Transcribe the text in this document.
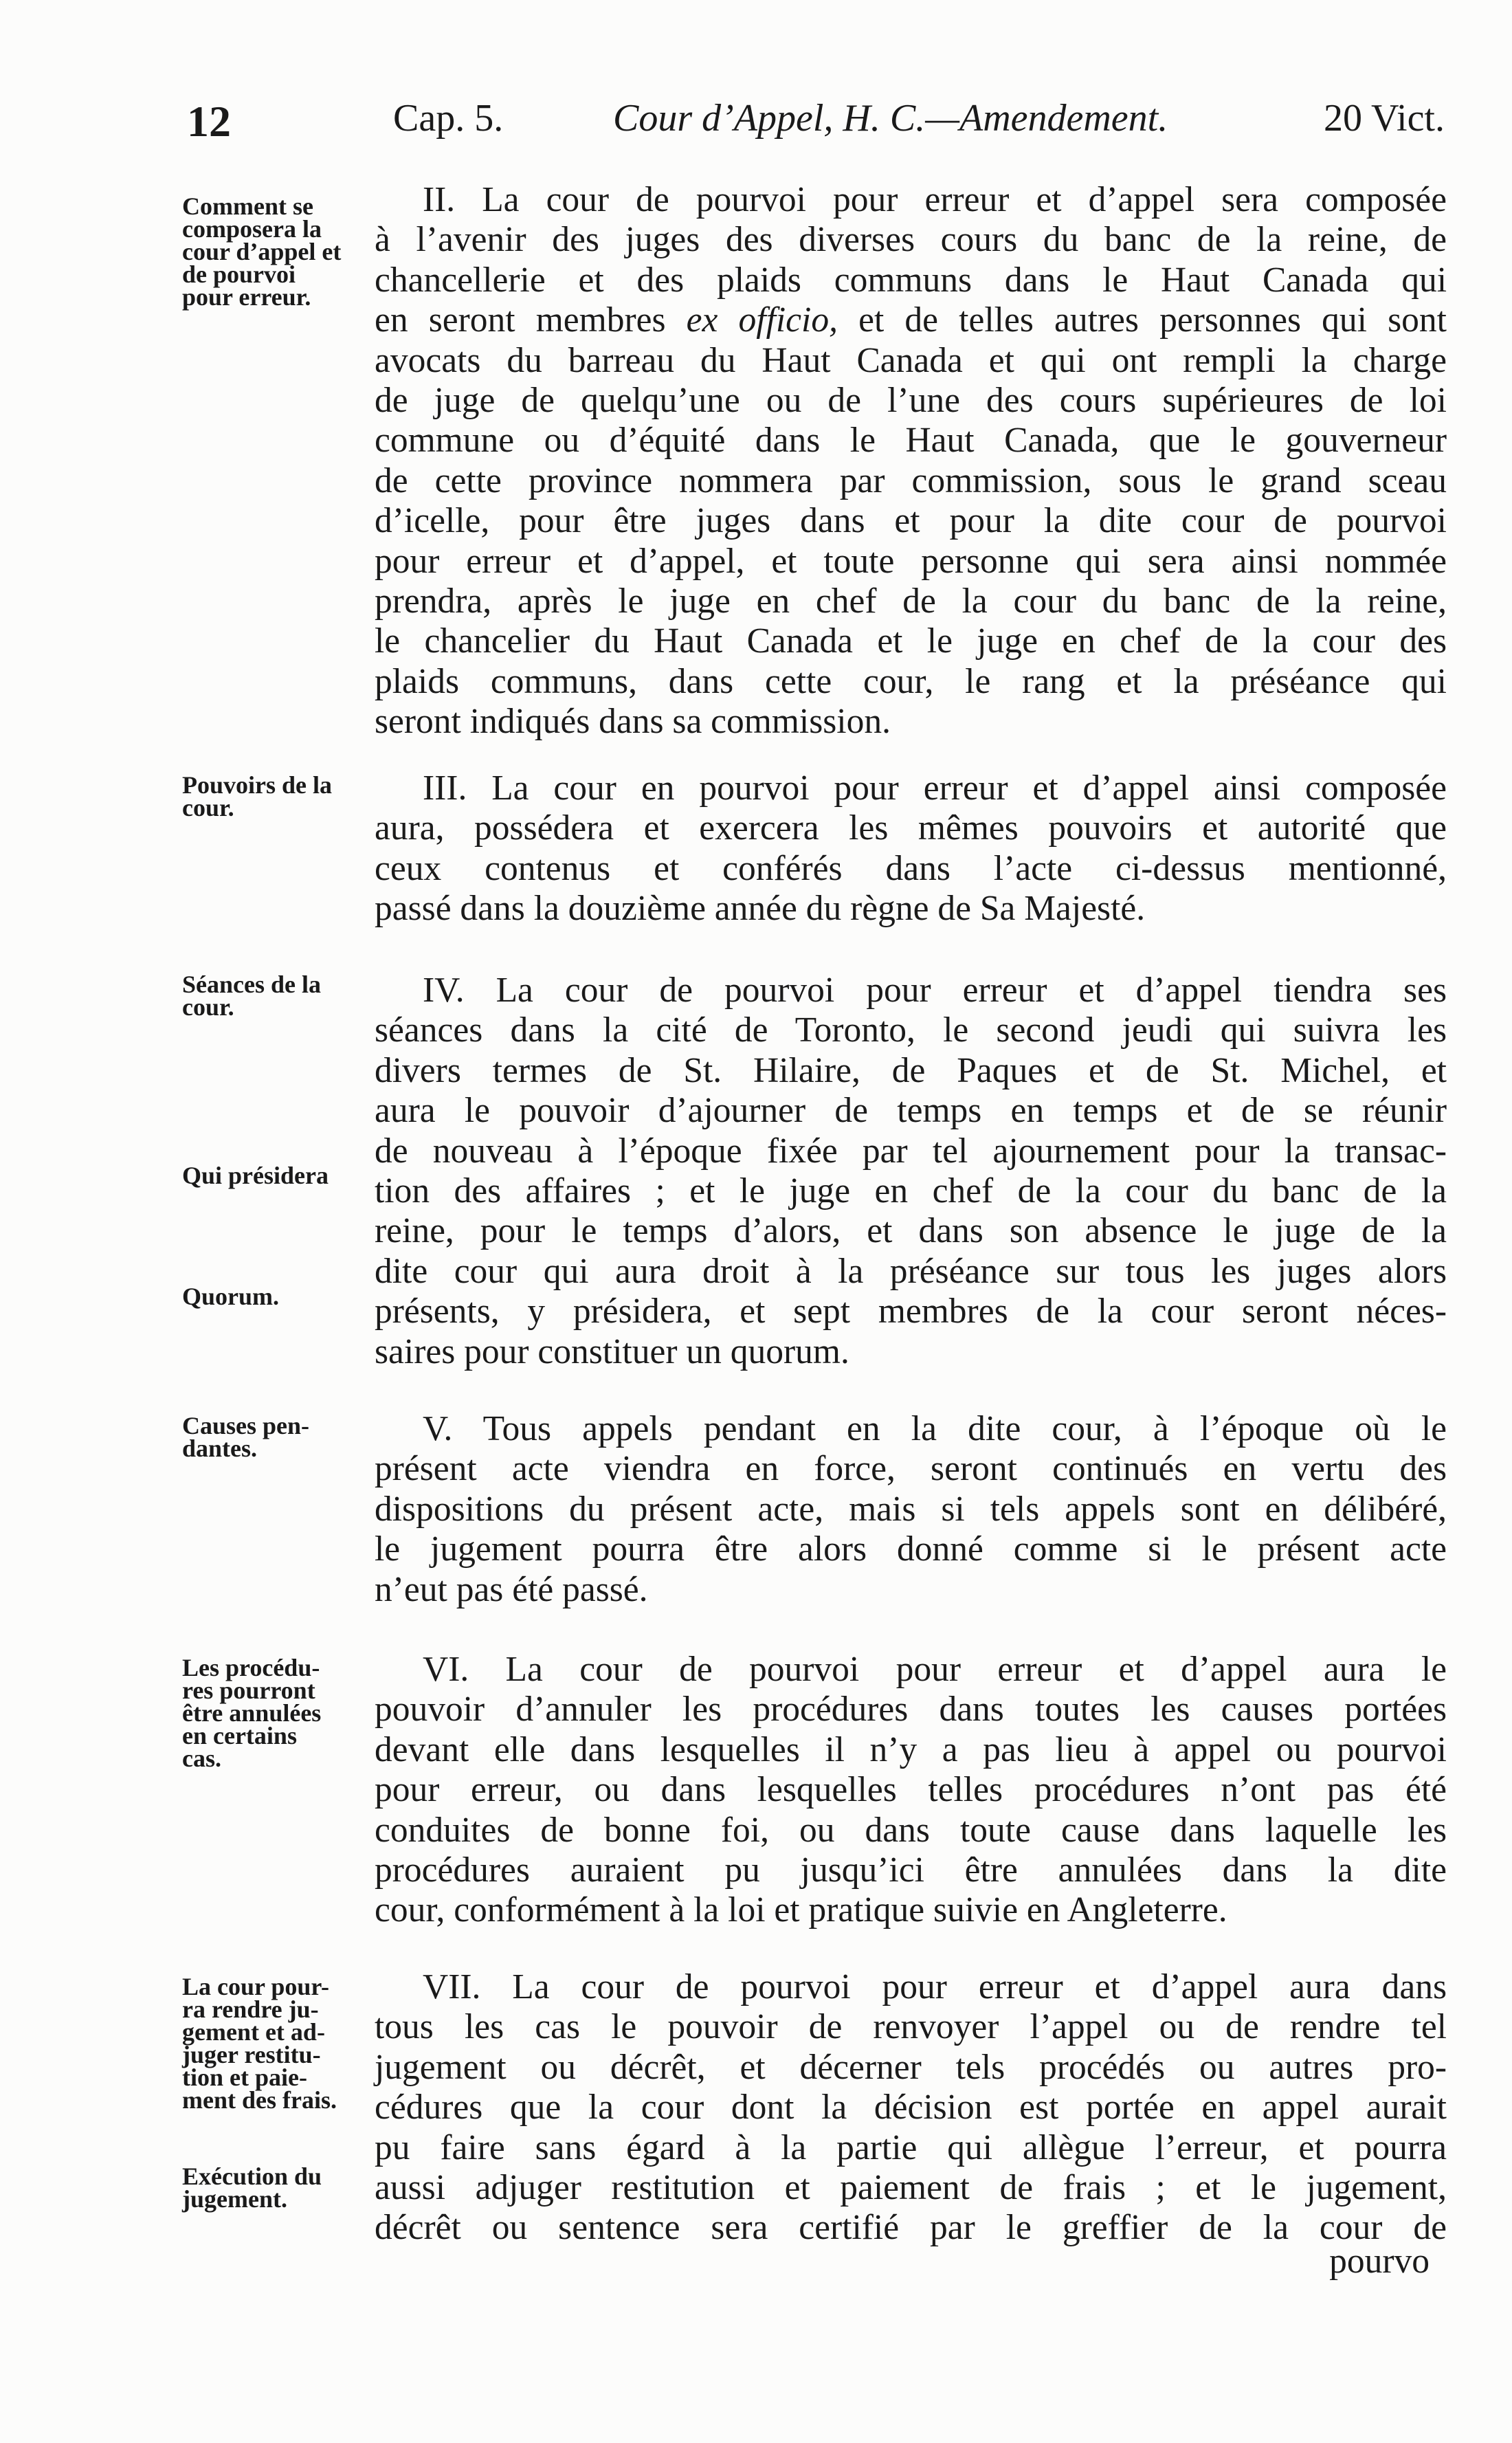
12	Cap. 5.	Cour d’Appel, H. C.—Amendement.	20 Vict.
Comment se
composera la
cour d’appel et
de pourvoi
pour erreur.
II. La cour de pourvoi pour erreur et d’appel sera composée
à l’avenir des juges des diverses cours du banc de la reine, de
chancellerie et des plaids communs dans le Haut Canada qui
en seront membres ex officio, et de telles autres personnes qui sont
avocats du barreau du Haut Canada et qui ont rempli la charge
de juge de quelqu’une ou de l’une des cours supérieures de loi
commune ou d’équité dans le Haut Canada, que le gouverneur
de cette province nommera par commission, sous le grand sceau
d’icelle, pour être juges dans et pour la dite cour de pourvoi
pour erreur et d’appel, et toute personne qui sera ainsi nommée
prendra, après le juge en chef de la cour du banc de la reine,
le chancelier du Haut Canada et le juge en chef de la cour des
plaids communs, dans cette cour, le rang et la préséance qui
seront indiqués dans sa commission.
Pouvoirs de la
cour.	III. La cour en pourvoi pour erreur et d’appel ainsi composée
aura, possédera et exercera les mêmes pouvoirs et autorité que
ceux contenus et conférés dans l’acte ci-dessus mentionné,
passé dans la douzième année du règne de Sa Majesté.
Séances de la
cour.
Qui présidera
Quorum.
IV. La cour de pourvoi pour erreur et d’appel tiendra ses
séances dans la cité de Toronto, le second jeudi qui suivra les
divers termes de St. Hilaire, de Paques et de St. Michel, et
aura le pouvoir d’ajourner de temps en temps et de se réunir
de nouveau à l’époque fixée par tel ajournement pour la transac-
tion des affaires ; et le juge en chef de la cour du banc de la
reine, pour le temps d’alors, et dans son absence le juge de la
dite cour qui aura droit à la préséance sur tous les juges alors
présents, y présidera, et sept membres de la cour seront néces-
saires pour constituer un quorum.
Causes pen-
dantes.	V. Tous appels pendant en la dite cour, à l’époque où le
présent acte viendra en force, seront continués en vertu des
dispositions du présent acte, mais si tels appels sont en délibéré,
le jugement pourra être alors donné comme si le présent acte
n’eut pas été passé.
Les procédu-
res pourront
être annulées
en certains
cas.
VI. La cour de pourvoi pour erreur et d’appel aura le
pouvoir d’annuler les procédures dans toutes les causes portées
devant elle dans lesquelles il n’y a pas lieu à appel ou pourvoi
pour erreur, ou dans lesquelles telles procédures n’ont pas été
conduites de bonne foi, ou dans toute cause dans laquelle les
procédures auraient pu jusqu’ici être annulées dans la dite
cour, conformément à la loi et pratique suivie en Angleterre.
La cour pour-
ra rendre ju-
gement et ad-
juger restitu-
tion et paie-
ment des frais.
Exécution du
jugement.
VII. La cour de pourvoi pour erreur et d’appel aura dans
tous les cas le pouvoir de renvoyer l’appel ou de rendre tel
jugement ou décrêt, et décerner tels procédés ou autres pro-
cédures que la cour dont la décision est portée en appel aurait
pu faire sans égard à la partie qui allègue l’erreur, et pourra
aussi adjuger restitution et paiement de frais ; et le jugement,
décrêt ou sentence sera certifié par le greffier de la cour de
pourvo
